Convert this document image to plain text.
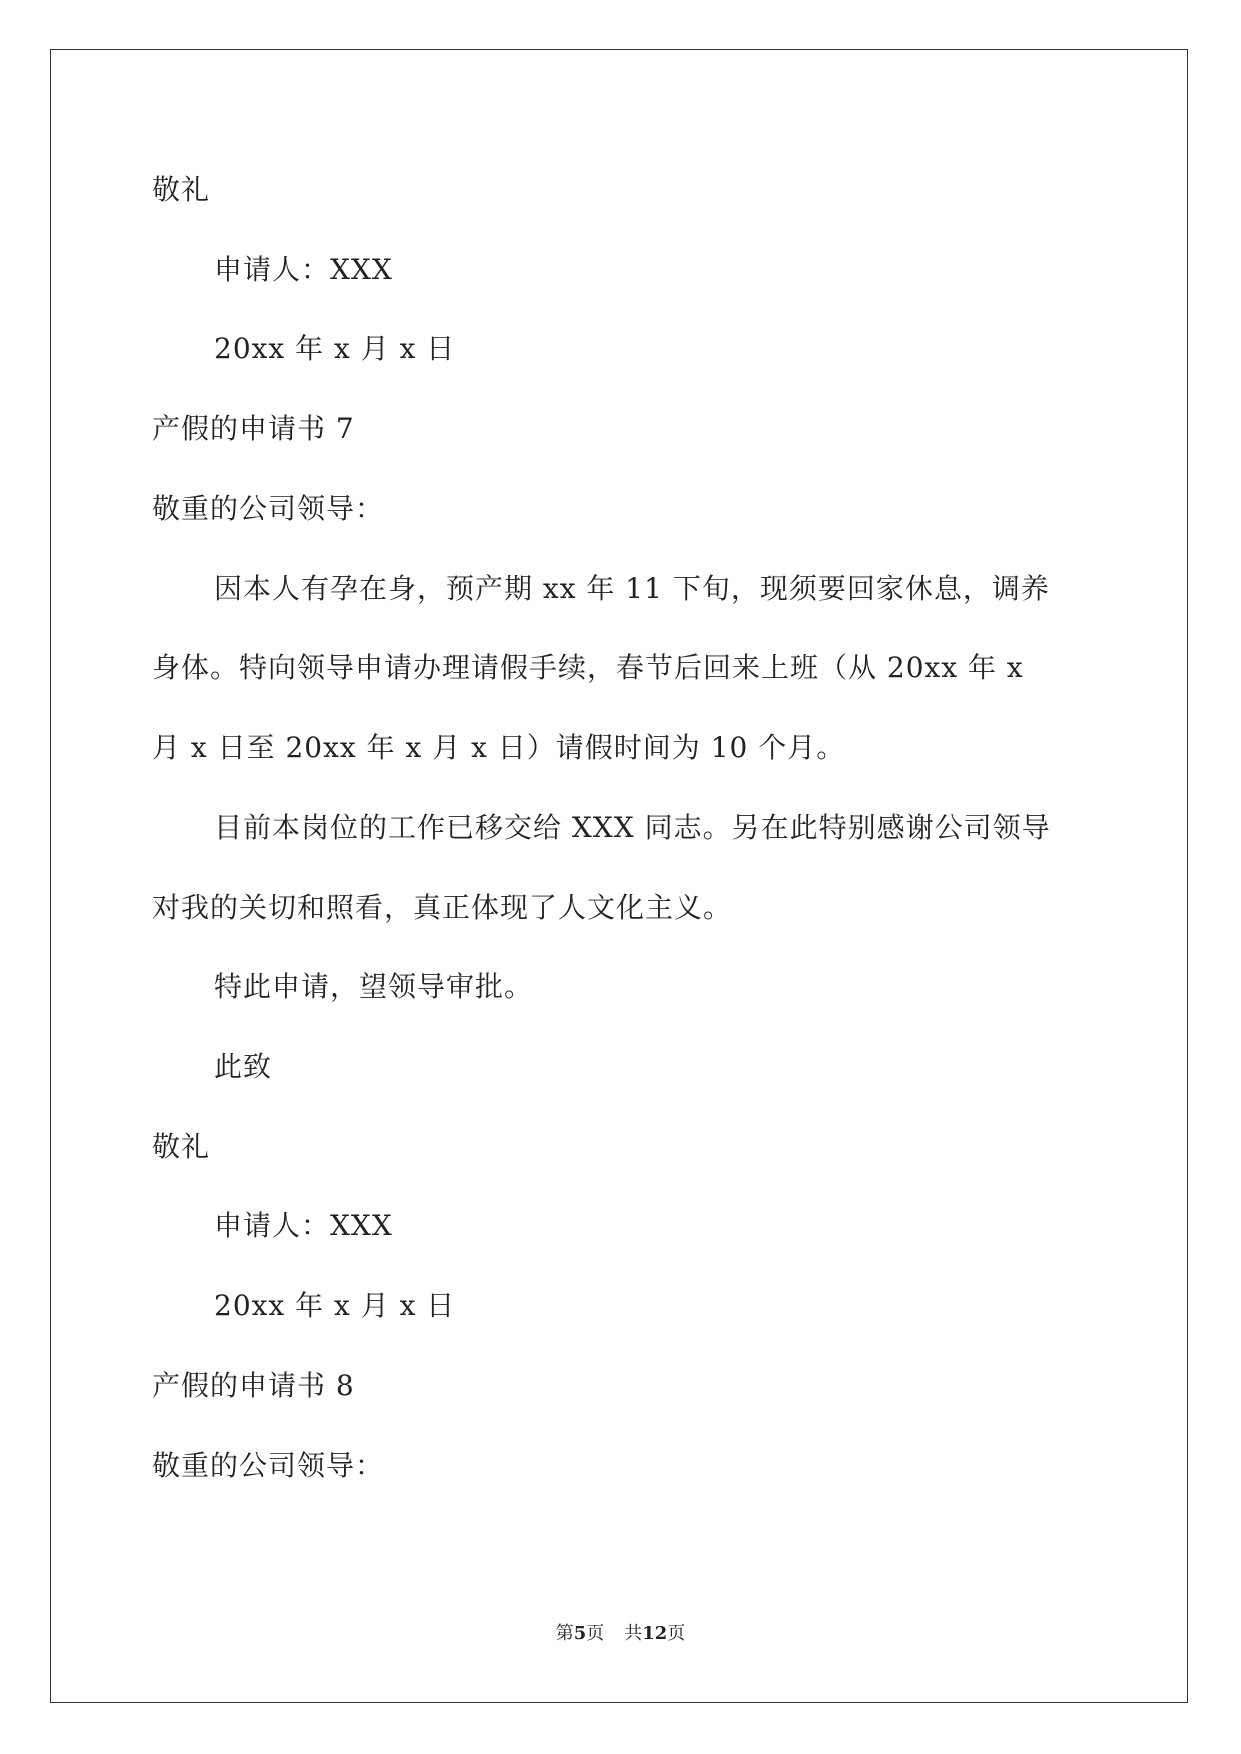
敬礼
申请人：XXX
20xx 年 x 月 x 日
产假的申请书 7
敬重的公司领导：
因本人有孕在身，预产期 xx 年 11 下旬，现须要回家休息，调养
身体。特向领导申请办理请假手续，春节后回来上班（从 20xx 年 x
月 x 日至 20xx 年 x 月 x 日）请假时间为 10 个月。
目前本岗位的工作已移交给 XXX 同志。另在此特别感谢公司领导
对我的关切和照看，真正体现了人文化主义。
特此申请，望领导审批。
此致
敬礼
申请人：XXX
20xx 年 x 月 x 日
产假的申请书 8
敬重的公司领导：
第5页 共12页
